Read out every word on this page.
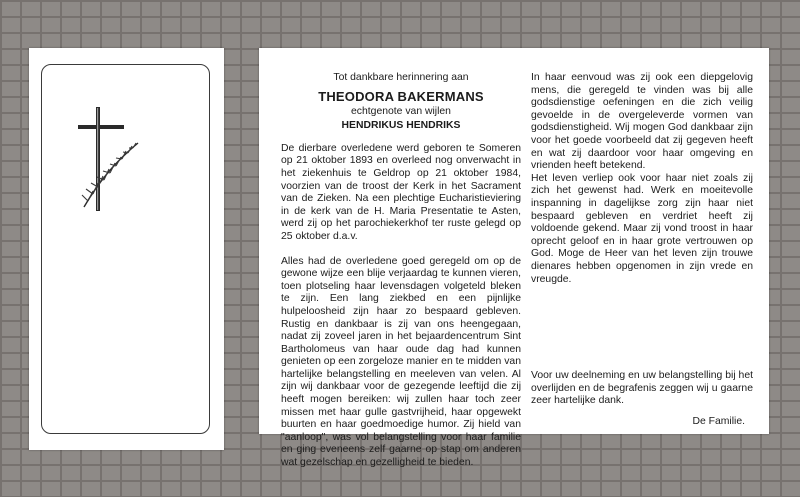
Tot dankbare herinnering aan

THEODORA BAKERMANS

echtgenote van wijlen

HENDRIKUS HENDRIKS

De dierbare overledene werd geboren te Someren op 21 oktober 1893 en overleed nog onverwacht in het ziekenhuis te Geldrop op 21 oktober 1984, voorzien van de troost der Kerk in het Sacrament van de Zieken. Na een plechtige Eucharistieviering in de kerk van de H. Maria Presentatie te Asten, werd zij op het parochiekerkhof ter ruste gelegd op 25 oktober d.a.v.

Alles had de overledene goed geregeld om op de gewone wijze een blije verjaardag te kunnen vieren, toen plotseling haar levensdagen volgeteld bleken te zijn. Een lang ziekbed en een pijnlijke hulpeloosheid zijn haar zo bespaard gebleven. Rustig en dankbaar is zij van ons heengegaan, nadat zij zoveel jaren in het bejaardencentrum Sint Bartholomeus van haar oude dag had kunnen genieten op een zorgeloze manier en te midden van hartelijke belangstelling en meeleven van velen. Al zijn wij dankbaar voor de gezegende leeftijd die zij heeft mogen bereiken: wij zullen haar toch zeer missen met haar gulle gastvrijheid, haar opgewekt buurten en haar goedmoedige humor. Zij hield van "aanloop", was vol belangstelling voor haar familie en ging eveneens zelf gaarne op stap om anderen wat gezelschap en gezelligheid te bieden.

In haar eenvoud was zij ook een diepgelovig mens, die geregeld te vinden was bij alle godsdienstige oefeningen en die zich veilig gevoelde in de overgeleverde vormen van godsdienstigheid. Wij mogen God dankbaar zijn voor het goede voorbeeld dat zij gegeven heeft en wat zij daardoor voor haar omgeving en vrienden heeft betekend.

Het leven verliep ook voor haar niet zoals zij zich het gewenst had. Werk en moeitevolle inspanning in dagelijkse zorg zijn haar niet bespaard gebleven en verdriet heeft zij voldoende gekend. Maar zij vond troost in haar oprecht geloof en in haar grote vertrouwen op God. Moge de Heer van het leven zijn trouwe dienares hebben opgenomen in zijn vrede en vreugde.

Voor uw deelneming en uw belangstelling bij het overlijden en de begrafenis zeggen wij u gaarne zeer hartelijke dank.

De Familie.
